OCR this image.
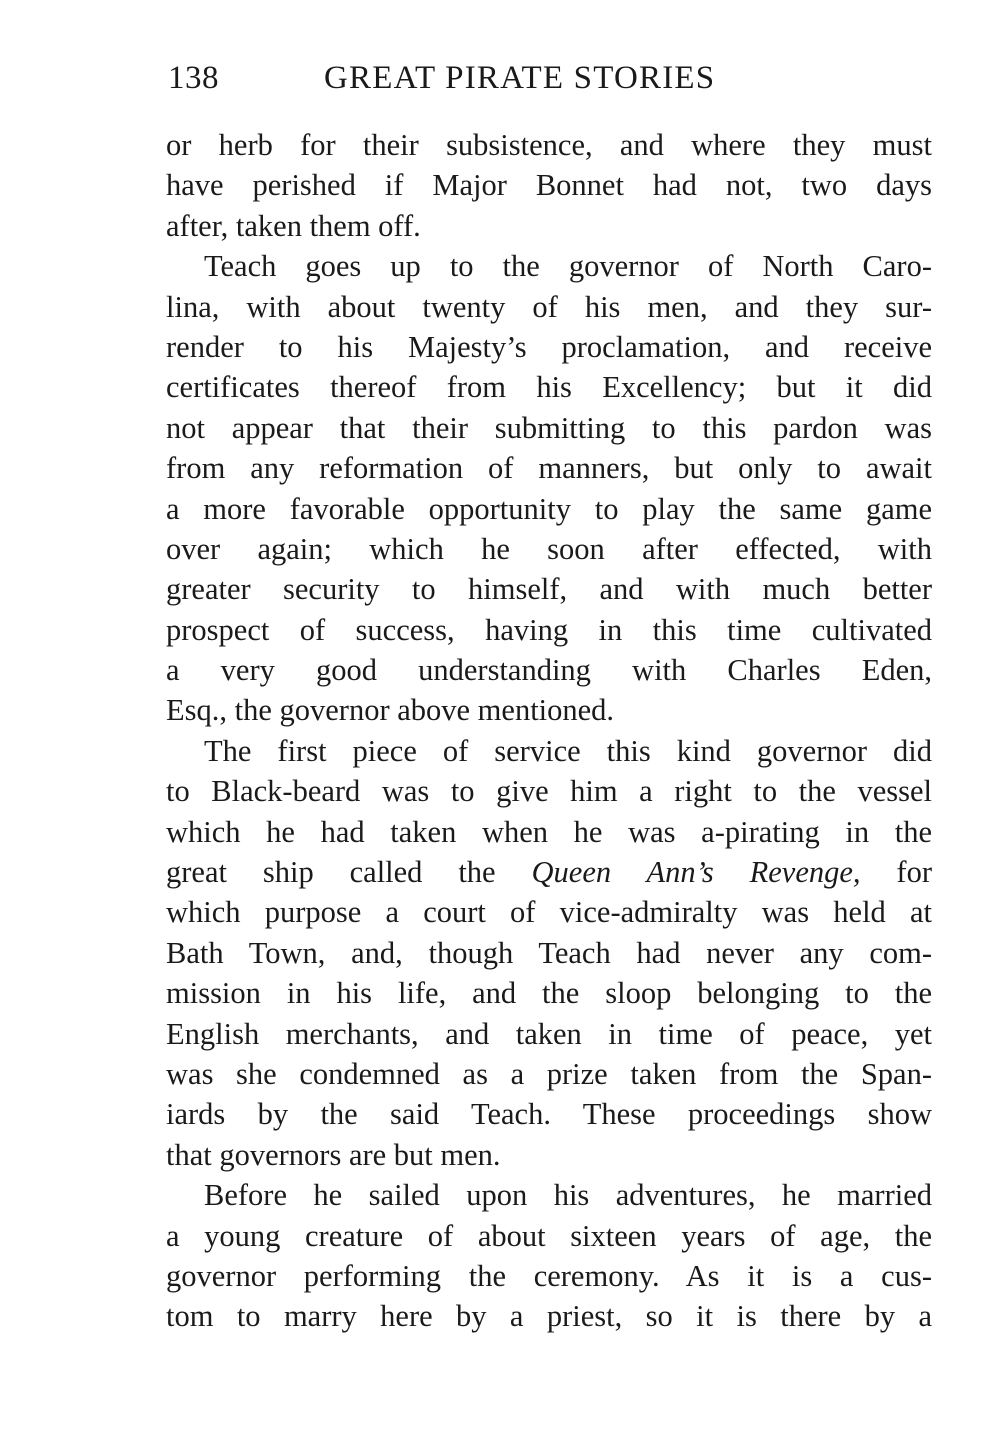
138	GREAT PIRATE STORIES
or herb for their subsistence, and where they must
have perished if Major Bonnet had not, two days
after, taken them off.
Teach goes up to the governor of North Caro-
lina, with about twenty of his men, and they sur-
render to his Majesty’s proclamation, and receive
certificates thereof from his Excellency; but it did
not appear that their submitting to this pardon was
from any reformation of manners, but only to await
a more favorable opportunity to play the same game
over again; which he soon after effected, with
greater security to himself, and with much better
prospect of success, having in this time cultivated
a very good understanding with Charles Eden,
Esq., the governor above mentioned.
The first piece of service this kind governor did
to Black-beard was to give him a right to the vessel
which he had taken when he was a-pirating in the
great ship called the Queen Ann’s Revenge, for
which purpose a court of vice-admiralty was held at
Bath Town, and, though Teach had never any com-
mission in his life, and the sloop belonging to the
English merchants, and taken in time of peace, yet
was she condemned as a prize taken from the Span-
iards by the said Teach. These proceedings show
that governors are but men.
Before he sailed upon his adventures, he married
a young creature of about sixteen years of age, the
governor performing the ceremony. As it is a cus-
tom to marry here by a priest, so it is there by a
